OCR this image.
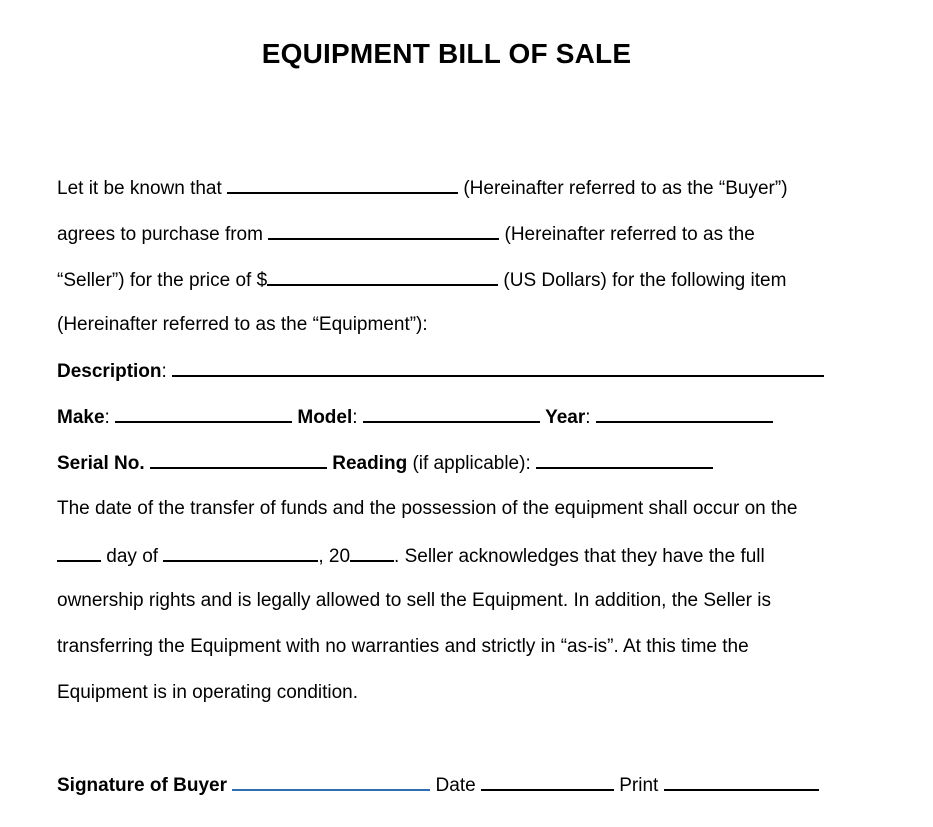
EQUIPMENT BILL OF SALE
Let it be known that	(Hereinafter referred to as the “Buyer”)
agrees to purchase from	(Hereinafter referred to as the
“Seller”) for the price of $	(US Dollars) for the following item
(Hereinafter referred to as the “Equipment”):
Description:
Make:	Model:	Year:
Serial No.	Reading (if applicable):
The date of the transfer of funds and the possession of the equipment shall occur on the
day of	, 20 . Seller acknowledges that they have the full
ownership rights and is legally allowed to sell the Equipment. In addition, the Seller is
transferring the Equipment with no warranties and strictly in “as-is”. At this time the
Equipment is in operating condition.
Signature of Buyer	Date	Print
